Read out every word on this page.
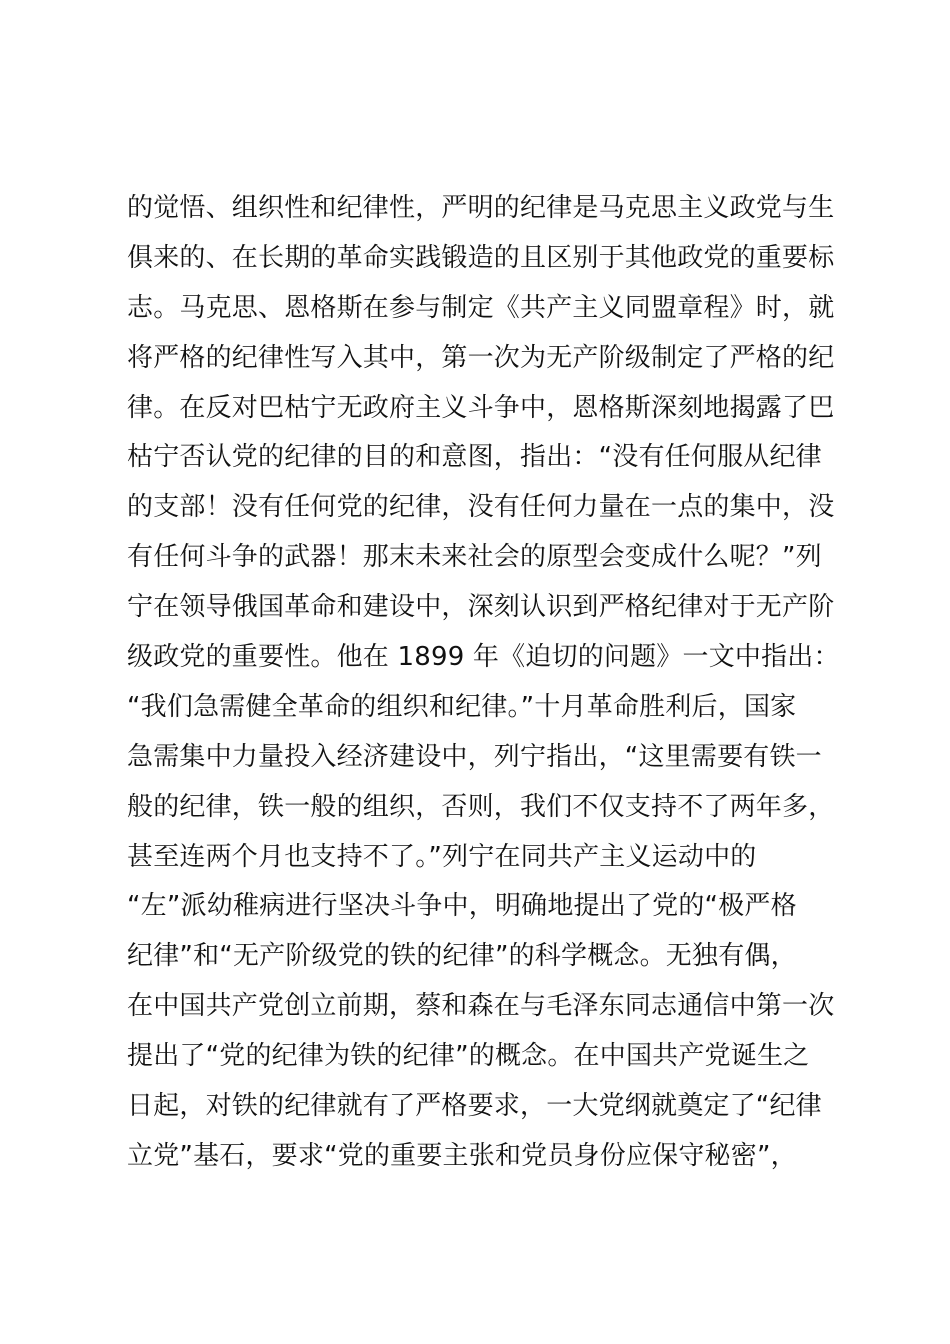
的觉悟、组织性和纪律性，严明的纪律是马克思主义政党与生
俱来的、在长期的革命实践锻造的且区别于其他政党的重要标
志。马克思、恩格斯在参与制定《共产主义同盟章程》时，就
将严格的纪律性写入其中，第一次为无产阶级制定了严格的纪
律。在反对巴枯宁无政府主义斗争中，恩格斯深刻地揭露了巴
枯宁否认党的纪律的目的和意图，指出：“没有任何服从纪律
的支部！没有任何党的纪律，没有任何力量在一点的集中，没
有任何斗争的武器！那末未来社会的原型会变成什么呢？”列
宁在领导俄国革命和建设中，深刻认识到严格纪律对于无产阶
级政党的重要性。他在 1899 年《迫切的问题》一文中指出：
“我们急需健全革命的组织和纪律。”十月革命胜利后，国家
急需集中力量投入经济建设中，列宁指出，“这里需要有铁一
般的纪律，铁一般的组织，否则，我们不仅支持不了两年多，
甚至连两个月也支持不了。”列宁在同共产主义运动中的
“左”派幼稚病进行坚决斗争中，明确地提出了党的“极严格
纪律”和“无产阶级党的铁的纪律”的科学概念。无独有偶，
在中国共产党创立前期，蔡和森在与毛泽东同志通信中第一次
提出了“党的纪律为铁的纪律”的概念。在中国共产党诞生之
日起，对铁的纪律就有了严格要求，一大党纲就奠定了“纪律
立党”基石，要求“党的重要主张和党员身份应保守秘密”，
